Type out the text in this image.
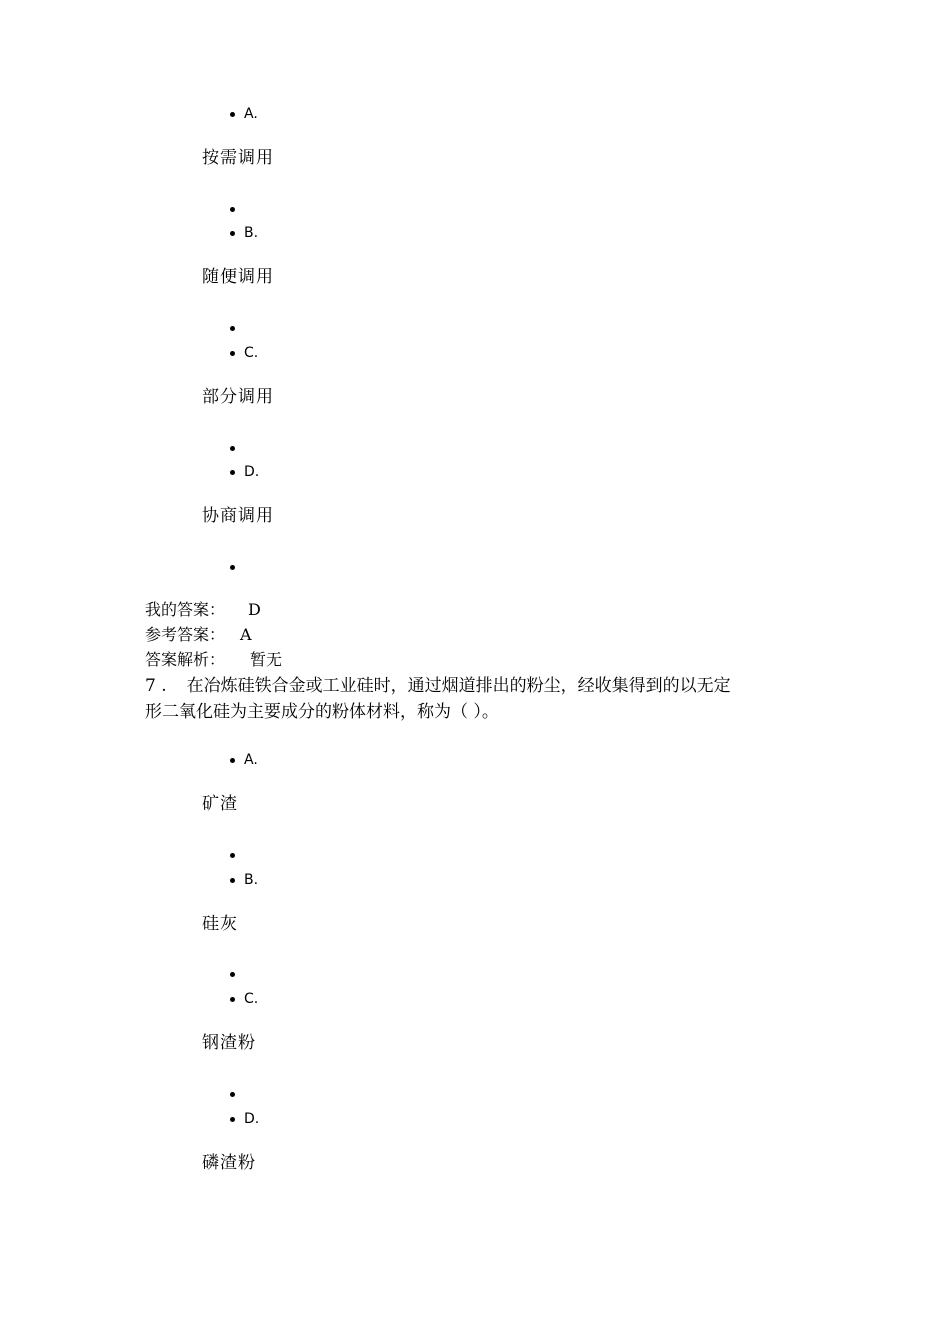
A.
按需调用
B.
随便调用
C.
部分调用
D.
协商调用
我的答案： D
参考答案： A
答案解析： 暂无
7 . 在冶炼硅铁合金或工业硅时，通过烟道排出的粉尘，经收集得到的以无定
形二氧化硅为主要成分的粉体材料，称为（ ）。
A.
矿渣
B.
硅灰
C.
钢渣粉
D.
磷渣粉
